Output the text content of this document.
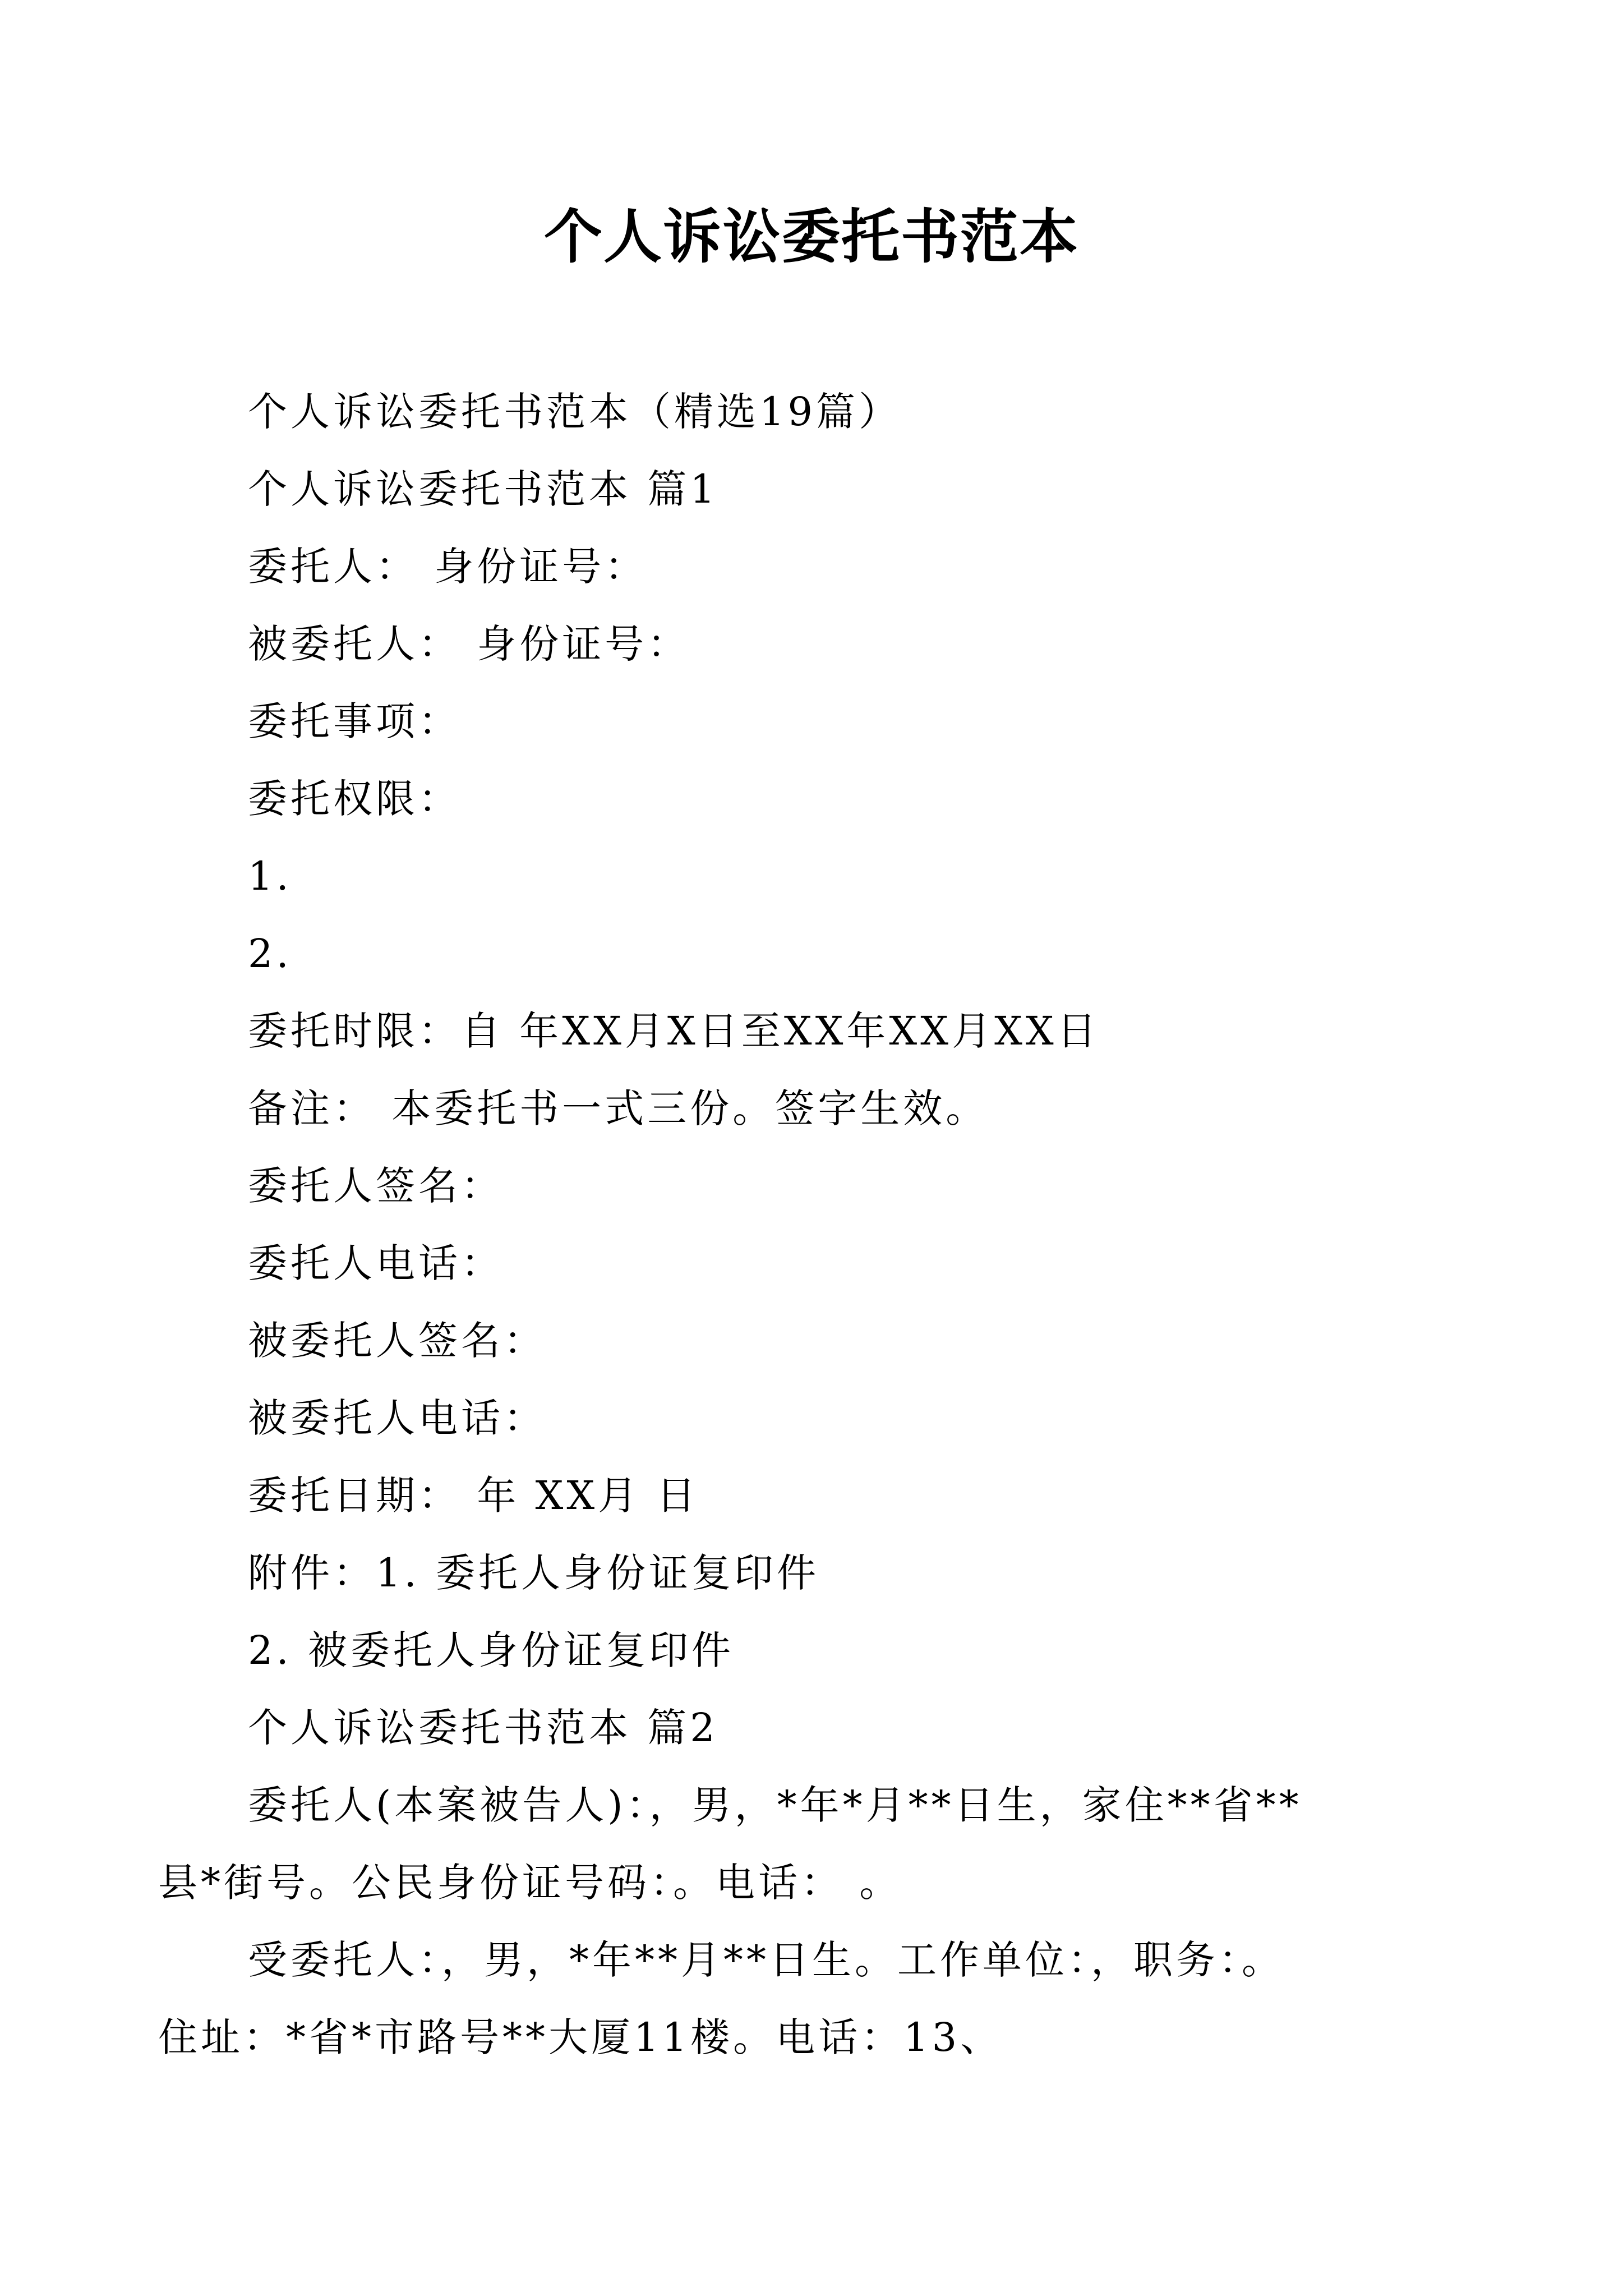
个人诉讼委托书范本
个人诉讼委托书范本（精选19篇）
个人诉讼委托书范本 篇1
委托人： 身份证号：
被委托人： 身份证号：
委托事项：
委托权限：
1.
2.
委托时限：自 年XX月X日至XX年XX月XX日
备注： 本委托书一式三份。签字生效。
委托人签名：
委托人电话：
被委托人签名：
被委托人电话：
委托日期： 年 XX月 日
附件：1. 委托人身份证复印件
2. 被委托人身份证复印件
个人诉讼委托书范本 篇2
委托人(本案被告人)：，男，*年*月**日生，家住**省**
县*街号。公民身份证号码：。电话： 。
受委托人：，男，*年**月**日生。工作单位：，职务：。
住址：*省*市路号**大厦11楼。电话：13、
